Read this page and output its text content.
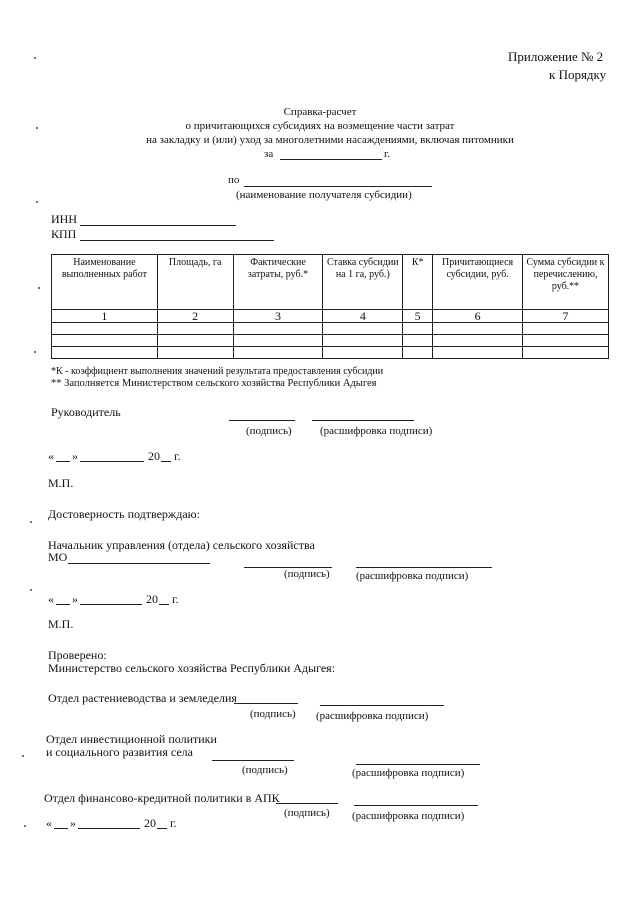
Приложение № 2
к Порядку
Справка-расчет
о причитающихся субсидиях на возмещение части затрат
на закладку и (или) уход за многолетними насаждениями, включая питомники
за	г.
по
(наименование получателя субсидии)
ИНН
КПП
Наименование выполненных работ	Площадь, га	Фактические затраты, руб.*	Ставка субсидии на 1 га, руб.)	К*	Причитающиеся субсидии, руб.	Сумма субсидии к перечислению, руб.**
1	2	3	4	5	6	7

*К - коэффициент выполнения значений результата предоставления субсидии
** Заполняется Министерством сельского хозяйства Республики Адыгея
Руководитель
(подпись)	(расшифровка подписи)
« »	20 г.
М.П.
Достоверность подтверждаю:
Начальник управления (отдела) сельского хозяйства
МО
(подпись) (расшифровка подписи)
« »	20 г.
М.П.
Проверено:
Министерство сельского хозяйства Республики Адыгея:
Отдел растениеводства и земледелия
(подпись) (расшифровка подписи)
Отдел инвестиционной политики
и социального развития села
(подпись)	(расшифровка подписи)
Отдел финансово-кредитной политики в АПК
(подпись) (расшифровка подписи)
« »	20 г.
